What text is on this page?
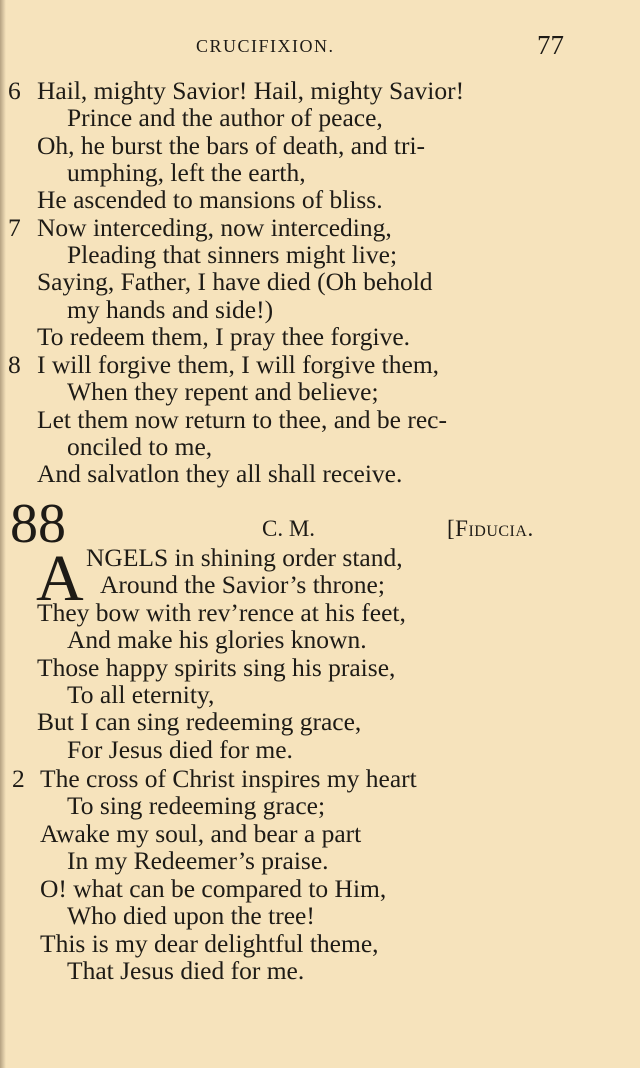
CRUCIFIXION.	77
6 Hail, mighty Savior! Hail, mighty Savior!
Prince and the author of peace,
Oh, he burst the bars of death, and tri-
umphing, left the earth,
He ascended to mansions of bliss.
7 Now interceding, now interceding,
Pleading that sinners might live;
Saying, Father, I have died (Oh behold
my hands and side!)
To redeem them, I pray thee forgive.
8 I will forgive them, I will forgive them,
When they repent and believe;
Let them now return to thee, and be rec-
onciled to me,
And salvatlon they all shall receive.
88	C. M.	[Fiducia.
A NGELS in shining order stand,
Around the Savior’s throne;
They bow with rev’rence at his feet,
And make his glories known.
Those happy spirits sing his praise,
To all eternity,
But I can sing redeeming grace,
For Jesus died for me.
2 The cross of Christ inspires my heart
To sing redeeming grace;
Awake my soul, and bear a part
In my Redeemer’s praise.
O! what can be compared to Him,
Who died upon the tree!
This is my dear delightful theme,
That Jesus died for me.
